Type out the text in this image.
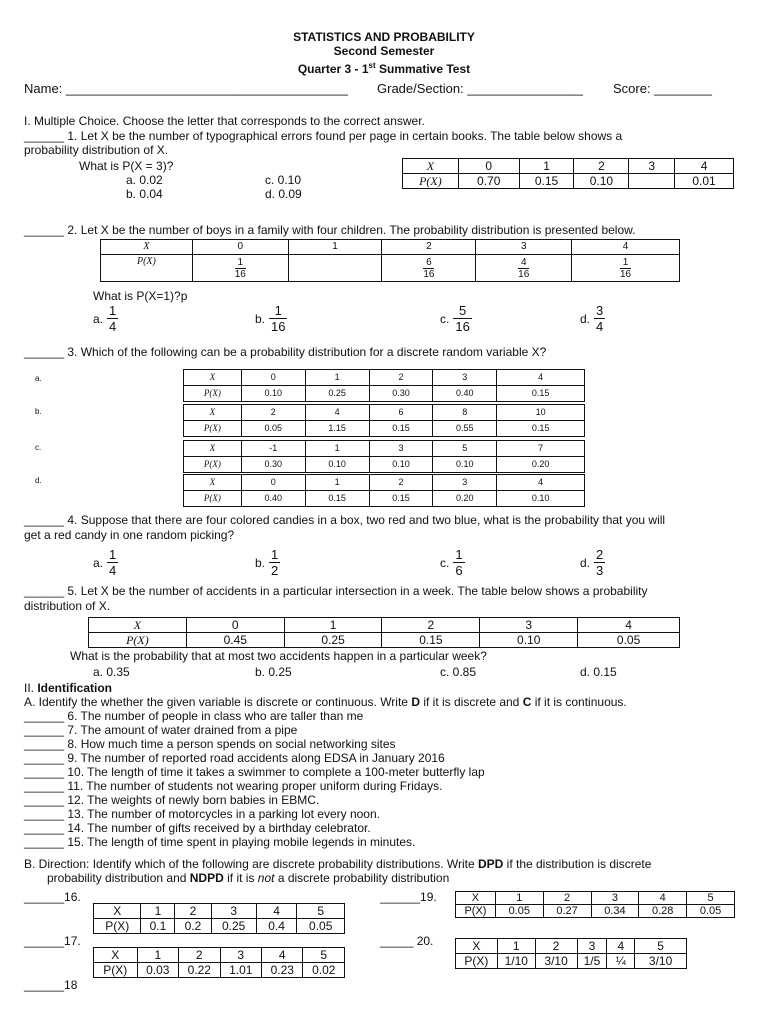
STATISTICS AND PROBABILITY
Second Semester
Quarter 3 - 1st Summative Test
Name: _______________________________________ Grade/Section: ________________ Score: ________
I. Multiple Choice. Choose the letter that corresponds to the correct answer.
______ 1. Let X be the number of typographical errors found per page in certain books. The table below shows a
probability distribution of X.
What is P(X = 3)?
a. 0.02
b. 0.04
c. 0.10
d. 0.09
X	0	1	2	3	4
P(X)	0.70	0.15	0.10		0.01
______ 2. Let X be the number of boys in a family with four children. The probability distribution is presented below.
X	0	1	2	3	4
P(X)	$\frac{1}{16}$		$\frac{6}{16}$	$\frac{4}{16}$	$\frac{1}{16}$
What is P(X=1)?p
a.
1
4
b.
1
16
c.
5
16
d.
3
4
______ 3. Which of the following can be a probability distribution for a discrete random variable X?
a.	X	0	1	2	3	4
P(X)	0.10	0.25	0.30	0.40	0.15
b.	X	2	4	6	8	10
P(X)	0.05	1.15	0.15	0.55	0.15
c.	X	-1	1	3	5	7
P(X)	0.30	0.10	0.10	0.10	0.20
d.	X	0	1	2	3	4
P(X)	0.40	0.15	0.15	0.20	0.10
______ 4. Suppose that there are four colored candies in a box, two red and two blue, what is the probability that you will
get a red candy in one random picking?
a.
1
4
b.
1
2
c.
1
6
d.
2
3
______ 5. Let X be the number of accidents in a particular intersection in a week. The table below shows a probability
distribution of X.
X	0	1	2	3	4
P(X)	0.45	0.25	0.15	0.10	0.05
What is the probability that at most two accidents happen in a particular week?
a. 0.35	b. 0.25	c. 0.85	d. 0.15
II. Identification
A. Identify the whether the given variable is discrete or continuous. Write D if it is discrete and C if it is continuous.
______ 6. The number of people in class who are taller than me
______ 7. The amount of water drained from a pipe
______ 8. How much time a person spends on social networking sites
______ 9. The number of reported road accidents along EDSA in January 2016
______ 10. The length of time it takes a swimmer to complete a 100-meter butterfly lap
______ 11. The number of students not wearing proper uniform during Fridays.
______ 12. The weights of newly born babies in EBMC.
______ 13. The number of motorcycles in a parking lot every noon.
______ 14. The number of gifts received by a birthday celebrator.
______ 15. The length of time spent in playing mobile legends in minutes.
B. Direction: Identify which of the following are discrete probability distributions. Write DPD if the distribution is discrete
probability distribution and NDPD if it is not a discrete probability distribution
______16.
X	1	2	3	4	5
P(X)	0.1	0.2	0.25	0.4	0.05
______17.
X	1	2	3	4	5
P(X)	0.03	0.22	1.01	0.23	0.02
______18
______19.	X	1	2	3	4	5
P(X)	0.05	0.27	0.34	0.28	0.05
_____ 20.	X	1	2	3	4	5
P(X)	1/10	3/10	1/5	¼	3/10
